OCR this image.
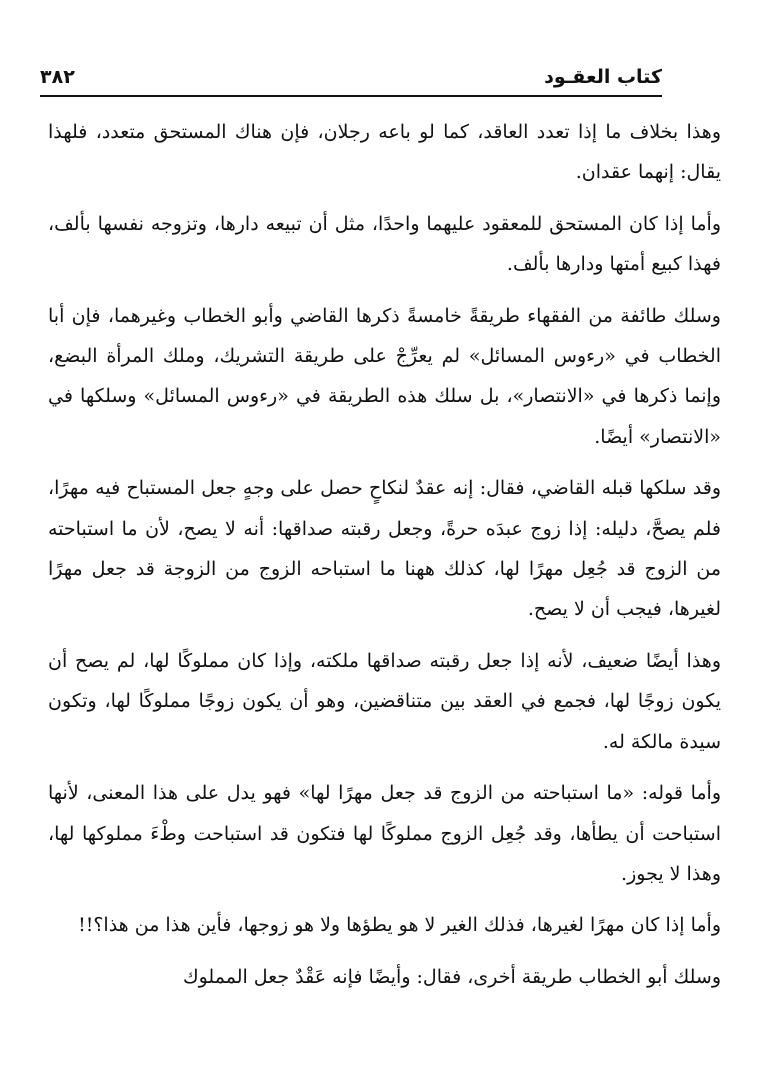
كتاب العقـود
٣٨٢

وهذا بخلاف ما إذا تعدد العاقد، كما لو باعه رجلان، فإن هناك المستحق متعدد، فلهذا يقال: إنهما عقدان.

وأما إذا كان المستحق للمعقود عليهما واحدًا، مثل أن تبيعه دارها، وتزوجه نفسها بألف، فهذا كبيع أمتها ودارها بألف.

وسلك طائفة من الفقهاء طريقةً خامسةً ذكرها القاضي وأبو الخطاب وغيرهما، فإن أبا الخطاب في «رءوس المسائل» لم يعرِّجْ على طريقة التشريك، وملك المرأة البضع، وإنما ذكرها في «الانتصار»، بل سلك هذه الطريقة في «رءوس المسائل» وسلكها في «الانتصار» أيضًا.

وقد سلكها قبله القاضي، فقال: إنه عقدٌ لنكاحٍ حصل على وجهٍ جعل المستباح فيه مهرًا، فلم يصحَّ، دليله: إذا زوج عبدَه حرةً، وجعل رقبته صداقها: أنه لا يصح، لأن ما استباحته من الزوج قد جُعِل مهرًا لها، كذلك ههنا ما استباحه الزوج من الزوجة قد جعل مهرًا لغيرها، فيجب أن لا يصح.

وهذا أيضًا ضعيف، لأنه إذا جعل رقبته صداقها ملكته، وإذا كان مملوكًا لها، لم يصح أن يكون زوجًا لها، فجمع في العقد بين متناقضين، وهو أن يكون زوجًا مملوكًا لها، وتكون سيدة مالكة له.

وأما قوله: «ما استباحته من الزوج قد جعل مهرًا لها» فهو يدل على هذا المعنى، لأنها استباحت أن يطأها، وقد جُعِل الزوج مملوكًا لها فتكون قد استباحت وطْءَ مملوكها لها، وهذا لا يجوز.

وأما إذا كان مهرًا لغيرها، فذلك الغير لا هو يطؤها ولا هو زوجها، فأين هذا من هذا؟!!

وسلك أبو الخطاب طريقة أخرى، فقال: وأيضًا فإنه عَقْدٌ جعل المملوك
